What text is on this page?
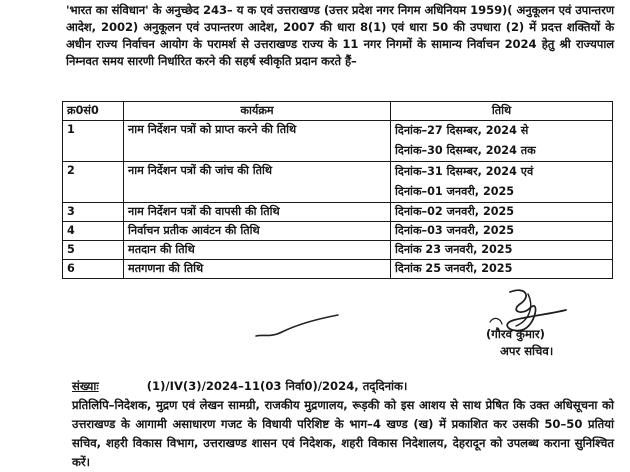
'भारत का संविधान' के अनुच्छेद 243– य क एवं उत्तराखण्ड (उत्तर प्रदेश नगर निगम अधिनियम 1959)( अनुकूलन एवं उपान्तरण आदेश, 2002) अनुकूलन एवं उपान्तरण आदेश, 2007 की धारा 8(1) एवं धारा 50 की उपधारा (2) में प्रदत्त शक्तियों के अधीन राज्य निर्वाचन आयोग के परामर्श से उत्तराखण्ड राज्य के 11 नगर निगमों के सामान्य निर्वाचन 2024 हेतु श्री राज्यपाल निम्नवत समय सारणी निर्धारित करने की सहर्ष स्वीकृति प्रदान करते हैं–

क्र0सं0	कार्यक्रम	तिथि
1	नाम निर्देशन पत्रों को प्राप्त करने की तिथि	दिनांक–27 दिसम्बर, 2024 से
दिनांक–30 दिसम्बर, 2024 तक

2	नाम निर्देशन पत्रों की जांच की तिथि	दिनांक–31 दिसम्बर, 2024 एवं
दिनांक–01 जनवरी, 2025

3	नाम निर्देशन पत्रों की वापसी की तिथि	दिनांक–02 जनवरी, 2025
4	निर्वाचन प्रतीक आवंटन की तिथि	दिनांक–03 जनवरी, 2025
5	मतदान की तिथि	दिनांक 23 जनवरी, 2025
6	मतगणना की तिथि	दिनांक 25 जनवरी, 2025
(गौरव कुमार)
अपर सचिव।
संख्याः	(1)/IV(3)/2024–11(03 निर्वा0)/2024, तद्‌दिनांक।
प्रतिलिपि–निदेशक, मुद्रण एवं लेखन सामग्री, राजकीय मुद्रणालय, रूड़की को इस आशय से साथ प्रेषित कि उक्त अधिसूचना को उत्तराखण्ड के आगामी असाधारण गजट के विधायी परिशिष्ट के भाग–4 खण्ड (ख) में प्रकाशित कर उसकी 50–50 प्रतियां सचिव, शहरी विकास विभाग, उत्तराखण्ड शासन एवं निदेशक, शहरी विकास निदेशालय, देहरादून को उपलब्ध कराना सुनिश्चित करें।
